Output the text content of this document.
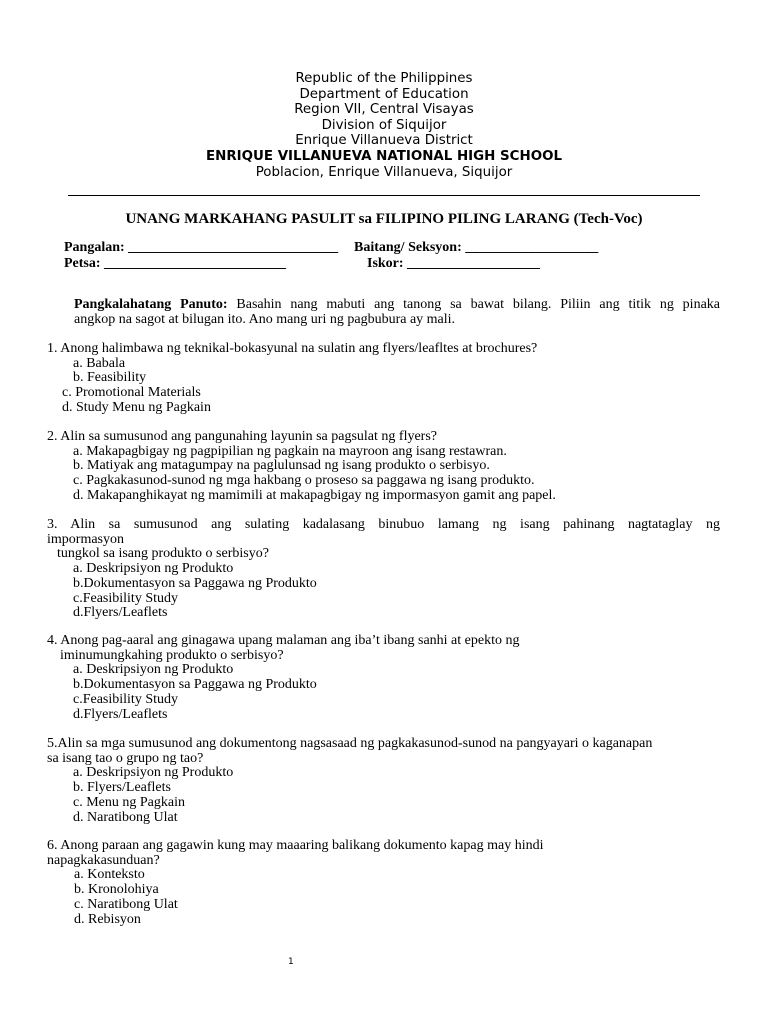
Republic of the Philippines
Department of Education
Region VII, Central Visayas
Division of Siquijor
Enrique Villanueva District
ENRIQUE VILLANUEVA NATIONAL HIGH SCHOOL
Poblacion, Enrique Villanueva, Siquijor
UNANG MARKAHANG PASULIT sa FILIPINO PILING LARANG (Tech-Voc)
Pangalan: ______________________________ Baitang/ Seksyon: ___________________
Petsa: __________________________	Iskor: ___________________
Pangkalahatang Panuto: Basahin nang mabuti ang tanong sa bawat bilang. Piliin ang titik ng pinaka
angkop na sagot at bilugan ito. Ano mang uri ng pagbubura ay mali.
1. Anong halimbawa ng teknikal-bokasyunal na sulatin ang flyers/leafltes at brochures?
a. Babala
b. Feasibility
c. Promotional Materials
d. Study Menu ng Pagkain
2. Alin sa sumusunod ang pangunahing layunin sa pagsulat ng flyers?
a. Makapagbigay ng pagpipilian ng pagkain na mayroon ang isang restawran.
b. Matiyak ang matagumpay na paglulunsad ng isang produkto o serbisyo.
c. Pagkakasunod-sunod ng mga hakbang o proseso sa paggawa ng isang produkto.
d. Makapanghikayat ng mamimili at makapagbigay ng impormasyon gamit ang papel.
3. Alin sa sumusunod ang sulating kadalasang binubuo lamang ng isang pahinang nagtataglay ng
impormasyon
tungkol sa isang produkto o serbisyo?
a. Deskripsiyon ng Produkto
b.Dokumentasyon sa Paggawa ng Produkto
c.Feasibility Study
d.Flyers/Leaflets
4. Anong pag-aaral ang ginagawa upang malaman ang iba’t ibang sanhi at epekto ng
iminumungkahing produkto o serbisyo?
a. Deskripsiyon ng Produkto
b.Dokumentasyon sa Paggawa ng Produkto
c.Feasibility Study
d.Flyers/Leaflets
5.Alin sa mga sumusunod ang dokumentong nagsasaad ng pagkakasunod-sunod na pangyayari o kaganapan
sa isang tao o grupo ng tao?
a. Deskripsiyon ng Produkto
b. Flyers/Leaflets
c. Menu ng Pagkain
d. Naratibong Ulat
6. Anong paraan ang gagawin kung may maaaring balikang dokumento kapag may hindi
napagkakasunduan?
a. Konteksto
b. Kronolohiya
c. Naratibong Ulat
d. Rebisyon
1
